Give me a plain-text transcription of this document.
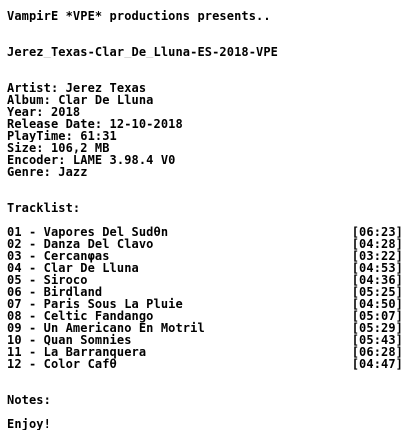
VampirE *VPE* productions presents..
Jerez_Texas-Clar_De_Lluna-ES-2018-VPE
Artist: Jerez Texas
Album: Clar De Lluna
Year: 2018
Release Date: 12-10-2018
PlayTime: 61:31
Size: 106,2 MB
Encoder: LAME 3.98.4 V0
Genre: Jazz
Tracklist:
01 - Vapores Del Sudθn	[06:23]
02 - Danza Del Clavo	[04:28]
03 - Cercanφas	[03:22]
04 - Clar De Lluna	[04:53]
05 - Siroco	[04:36]
06 - Birdland	[05:25]
07 - Paris Sous La Pluie	[04:50]
08 - Celtic Fandango	[05:07]
09 - Un Americano En Motril	[05:29]
10 - Quan Somnies	[05:43]
11 - La Barranquera	[06:28]
12 - Color Cafθ	[04:47]
Notes:
Enjoy!
